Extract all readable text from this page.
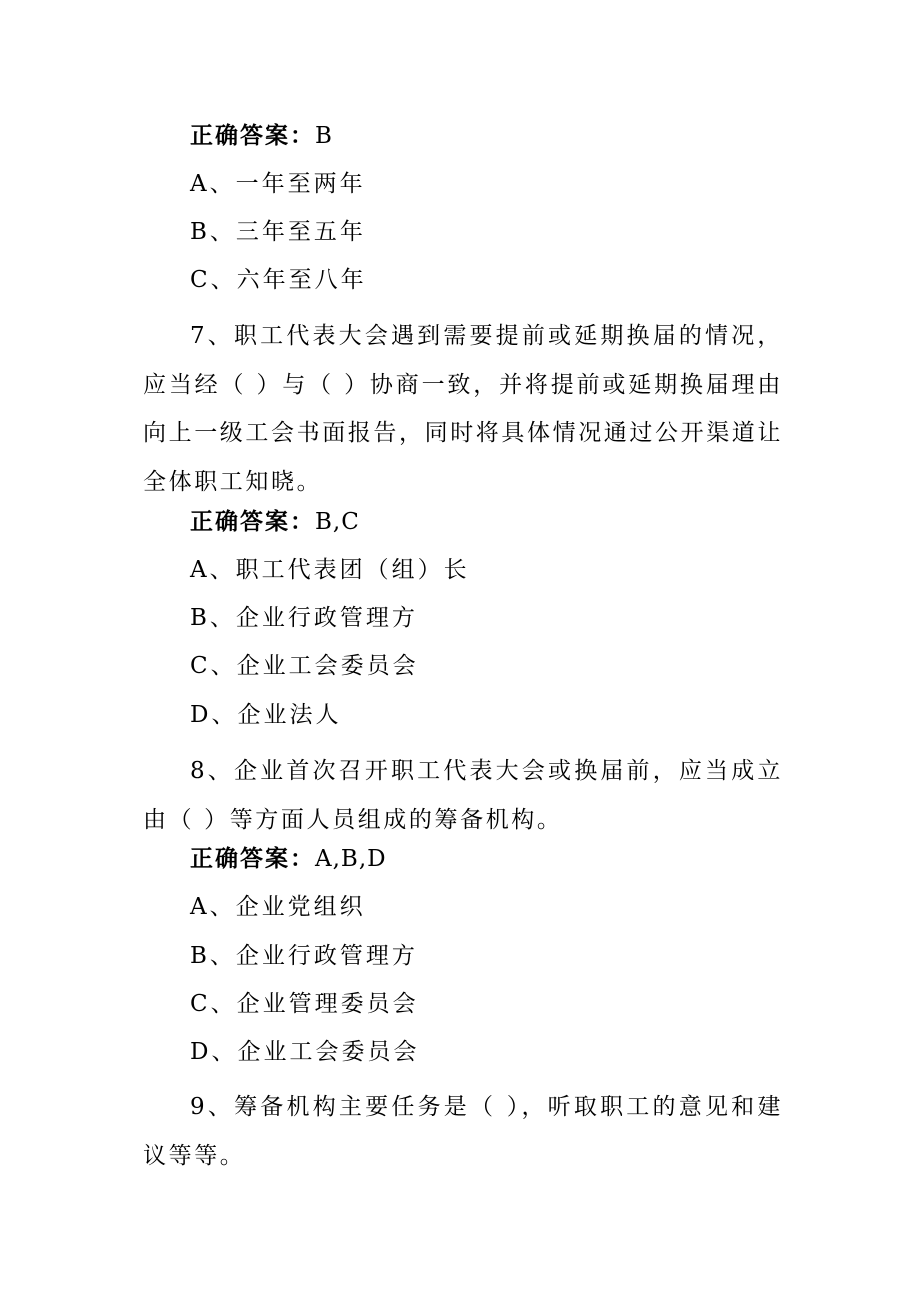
正确答案：B
A、一年至两年
B、三年至五年
C、六年至八年
7、职工代表大会遇到需要提前或延期换届的情况，应当经（ ）与（ ）协商一致，并将提前或延期换届理由向上一级工会书面报告，同时将具体情况通过公开渠道让全体职工知晓。
正确答案：B,C
A、职工代表团（组）长
B、企业行政管理方
C、企业工会委员会
D、企业法人
8、企业首次召开职工代表大会或换届前，应当成立由（ ）等方面人员组成的筹备机构。
正确答案：A,B,D
A、企业党组织
B、企业行政管理方
C、企业管理委员会
D、企业工会委员会
9、筹备机构主要任务是（ ），听取职工的意见和建议等等。
